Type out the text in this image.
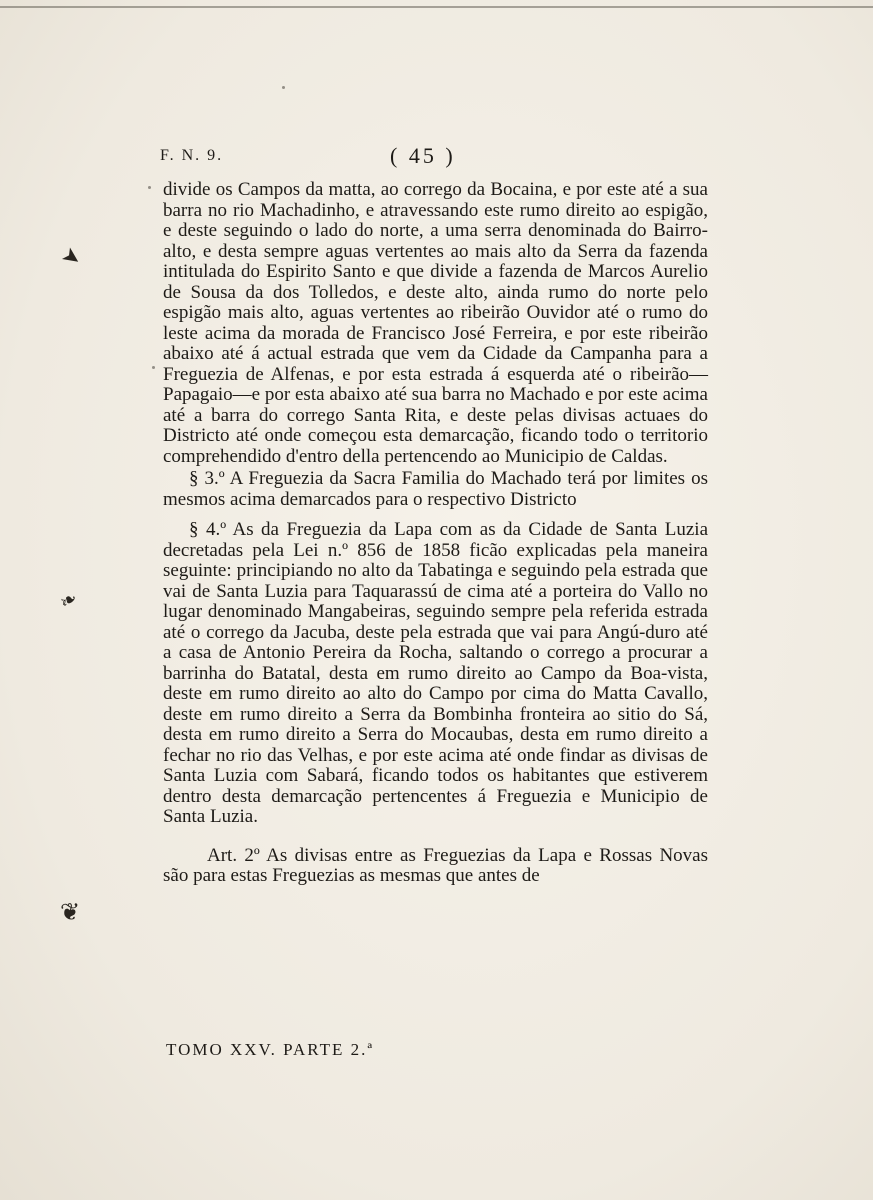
F. N. 9.	( 45 )

divide os Campos da matta, ao corrego da Bocaina, e por este até a sua barra no rio Machadinho, e atravessando este rumo direito ao espigão, e deste seguindo o lado do norte, a uma serra denominada do Bairro-alto, e desta sempre aguas vertentes ao mais alto da Serra da fazenda intitulada do Espirito Santo e que divide a fazenda de Marcos Aurelio de Sousa da dos Tolledos, e deste alto, ainda rumo do norte pelo espigão mais alto, aguas vertentes ao ribeirão Ouvidor até o rumo do leste acima da morada de Francisco José Ferreira, e por este ribeirão abaixo até á actual estrada que vem da Cidade da Campanha para a Freguezia de Alfenas, e por esta estrada á esquerda até o ribeirão—Papagaio—e por esta abaixo até sua barra no Machado e por este acima até a barra do corrego Santa Rita, e deste pelas divisas actuaes do Districto até onde começou esta demarcação, ficando todo o territorio comprehendido d'entro della pertencendo ao Municipio de Caldas.

§ 3.º A Freguezia da Sacra Familia do Machado terá por limites os mesmos acima demarcados para o respectivo Districto

§ 4.º As da Freguezia da Lapa com as da Cidade de Santa Luzia decretadas pela Lei n.º 856 de 1858 ficão explicadas pela maneira seguinte: principiando no alto da Tabatinga e seguindo pela estrada que vai de Santa Luzia para Taquarassú de cima até a porteira do Vallo no lugar denominado Mangabeiras, seguindo sempre pela referida estrada até o corrego da Jacuba, deste pela estrada que vai para Angú-duro até a casa de Antonio Pereira da Rocha, saltando o corrego a procurar a barrinha do Batatal, desta em rumo direito ao Campo da Boa-vista, deste em rumo direito ao alto do Campo por cima do Matta Cavallo, deste em rumo direito a Serra da Bombinha fronteira ao sitio do Sá, desta em rumo direito a Serra do Mocaubas, desta em rumo direito a fechar no rio das Velhas, e por este acima até onde findar as divisas de Santa Luzia com Sabará, ficando todos os habitantes que estiverem dentro desta demarcação pertencentes á Freguezia e Municipio de Santa Luzia.

Art. 2º As divisas entre as Freguezias da Lapa e Rossas Novas são para estas Freguezias as mesmas que antes de

TOMO XXV. PARTE 2.ª
➤
❧
❦
